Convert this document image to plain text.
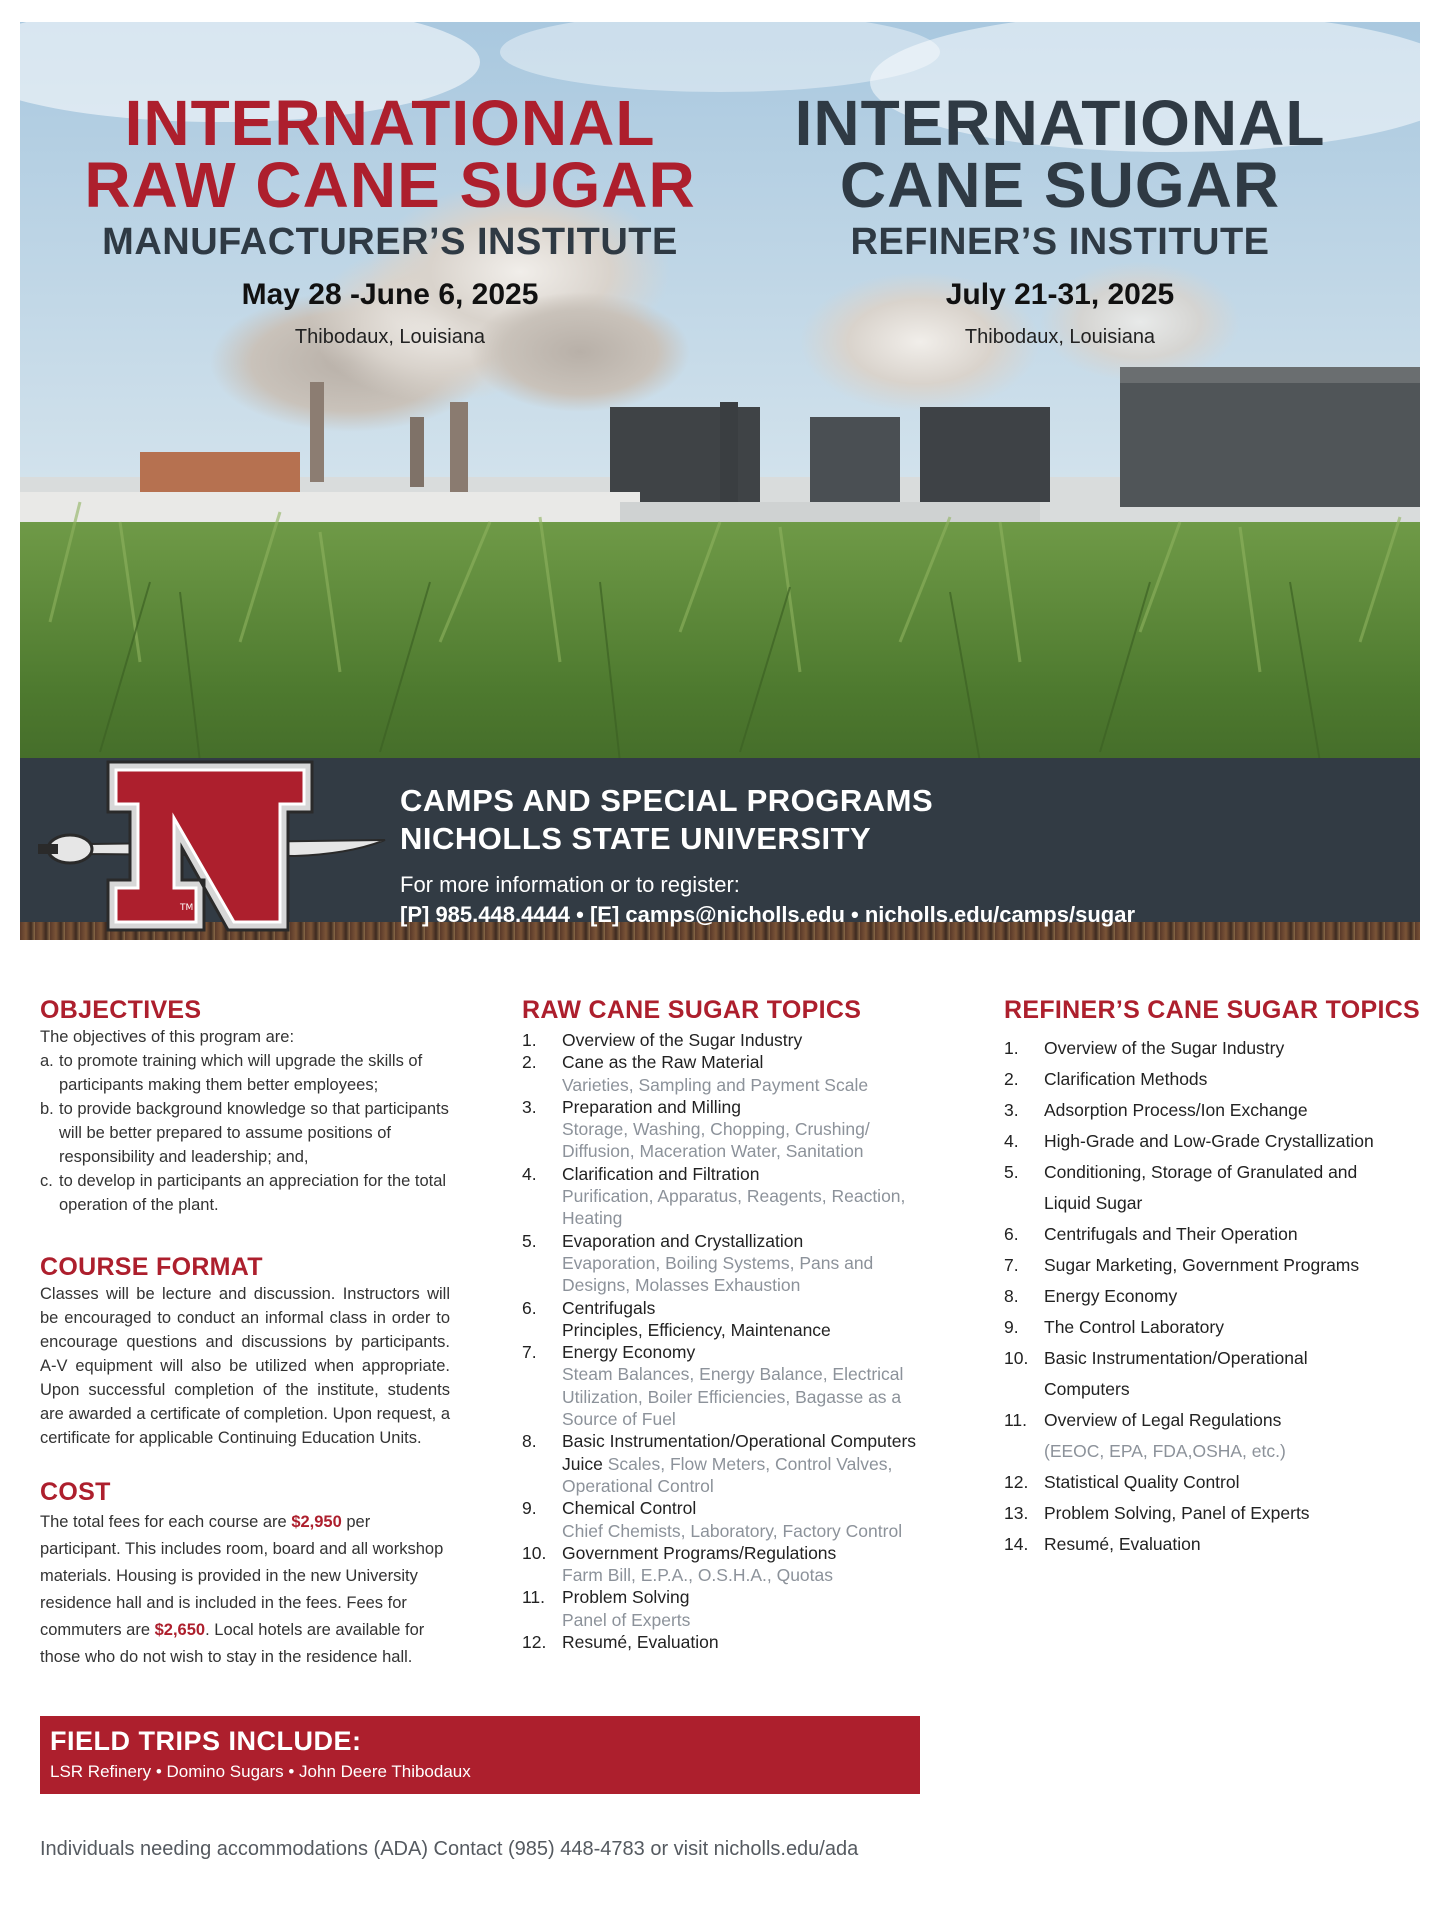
INTERNATIONAL
RAW CANE SUGAR
MANUFACTURER’S INSTITUTE
May 28 -June 6, 2025
Thibodaux, Louisiana
INTERNATIONAL
CANE SUGAR
REFINER’S INSTITUTE
July 21-31, 2025
Thibodaux, Louisiana
TM
CAMPS AND SPECIAL PROGRAMS
NICHOLLS STATE UNIVERSITY
For more information or to register:
[P] 985.448.4444 • [E] camps@nicholls.edu • nicholls.edu/camps/sugar
OBJECTIVES
The objectives of this program are:
a. to promote training which will upgrade the skills of participants making them better employees;
b. to provide background knowledge so that participants will be better prepared to assume positions of responsibility and leadership; and,
c. to develop in participants an appreciation for the total operation of the plant.
COURSE FORMAT
Classes will be lecture and discussion. Instructors will be encouraged to conduct an informal class in order to encourage questions and discussions by participants. A-V equipment will also be utilized when appropriate. Upon successful completion of the institute, students are awarded a certificate of completion. Upon request, a certificate for applicable Continuing Education Units.
COST
The total fees for each course are $2,950 per participant. This includes room, board and all workshop materials. Housing is provided in the new University residence hall and is included in the fees. Fees for commuters are $2,650. Local hotels are available for those who do not wish to stay in the residence hall.
RAW CANE SUGAR TOPICS
1. Overview of the Sugar Industry
2. Cane as the Raw Material
Varieties, Sampling and Payment Scale
3. Preparation and Milling
Storage, Washing, Chopping, Crushing/ Diffusion, Maceration Water, Sanitation
4. Clarification and Filtration
Purification, Apparatus, Reagents, Reaction, Heating
5. Evaporation and Crystallization
Evaporation, Boiling Systems, Pans and Designs, Molasses Exhaustion
6. Centrifugals
Principles, Efficiency, Maintenance
7. Energy Economy
Steam Balances, Energy Balance, Electrical Utilization, Boiler Efficiencies, Bagasse as a Source of Fuel
8. Basic Instrumentation/Operational Computers Juice Scales, Flow Meters, Control Valves, Operational Control
9. Chemical Control
Chief Chemists, Laboratory, Factory Control
10. Government Programs/Regulations
Farm Bill, E.P.A., O.S.H.A., Quotas
11. Problem Solving
Panel of Experts
12. Resumé, Evaluation
REFINER’S CANE SUGAR TOPICS
1. Overview of the Sugar Industry
2. Clarification Methods
3. Adsorption Process/Ion Exchange
4. High-Grade and Low-Grade Crystallization
5. Conditioning, Storage of Granulated and Liquid Sugar
6. Centrifugals and Their Operation
7. Sugar Marketing, Government Programs
8. Energy Economy
9. The Control Laboratory
10. Basic Instrumentation/Operational Computers
11. Overview of Legal Regulations
(EEOC, EPA, FDA,OSHA, etc.)
12. Statistical Quality Control
13. Problem Solving, Panel of Experts
14. Resumé, Evaluation
FIELD TRIPS INCLUDE:
LSR Refinery • Domino Sugars • John Deere Thibodaux
Individuals needing accommodations (ADA) Contact (985) 448-4783 or visit nicholls.edu/ada
